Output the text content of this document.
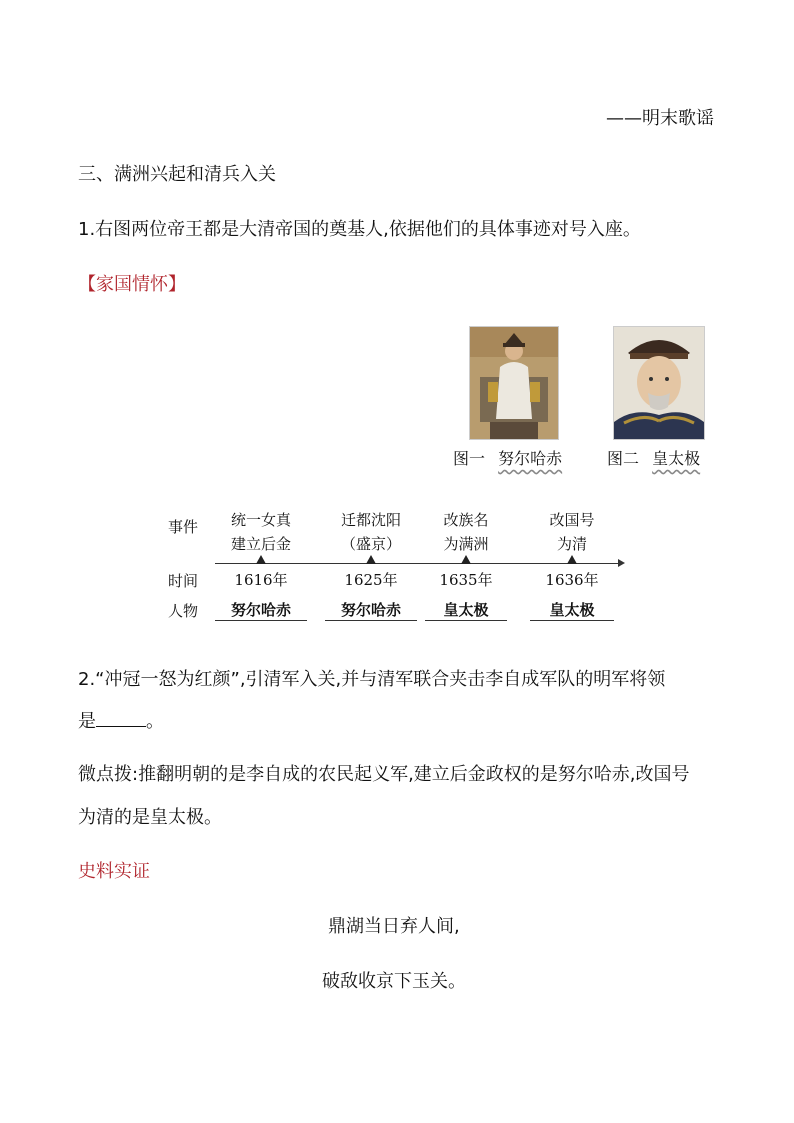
——明末歌谣
三、满洲兴起和清兵入关
1.右图两位帝王都是大清帝国的奠基人,依据他们的具体事迹对号入座。
【家国情怀】
图一 努尔哈赤	图二 皇太极
事件
时间
人物
统一女真
建立后金
1616年
努尔哈赤
迁都沈阳
（盛京）
1625年
努尔哈赤
改族名
为满洲
1635年
皇太极
改国号
为清
1636年
皇太极
2.“冲冠一怒为红颜”,引清军入关,并与清军联合夹击李自成军队的明军将领
是	。
微点拨:推翻明朝的是李自成的农民起义军,建立后金政权的是努尔哈赤,改国号
为清的是皇太极。
史料实证
鼎湖当日弃人间,
破敌收京下玉关。
